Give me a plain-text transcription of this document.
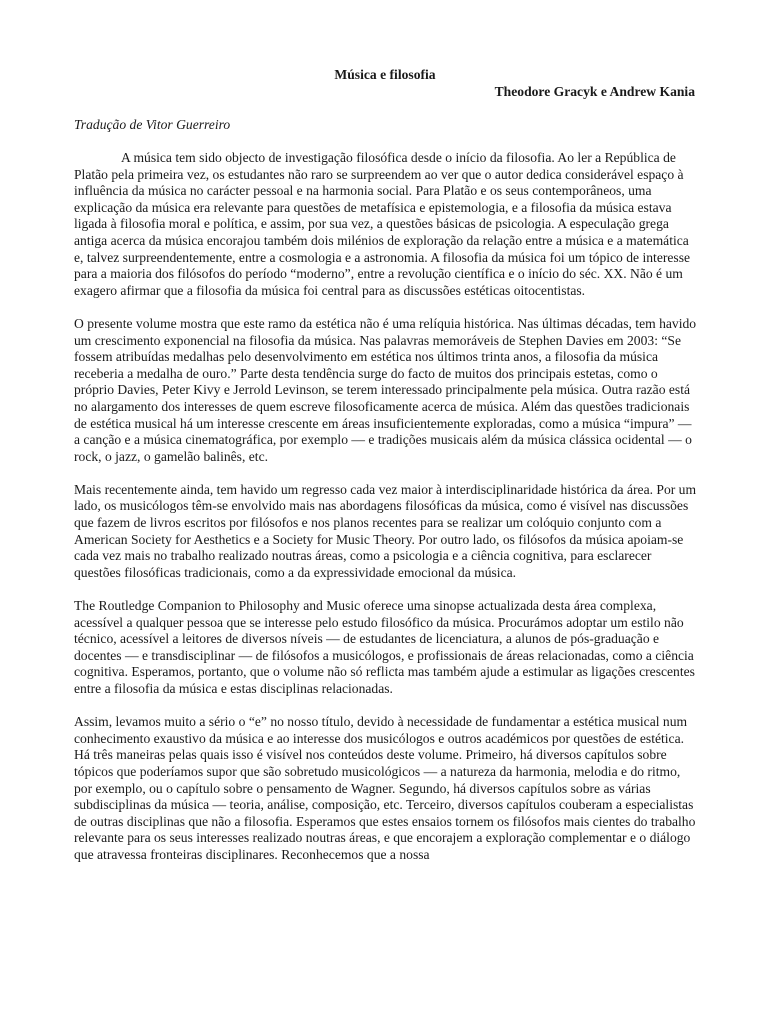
Música e filosofia
Theodore Gracyk e Andrew Kania
Tradução de Vitor Guerreiro

A música tem sido objecto de investigação filosófica desde o início da filosofia. Ao ler a República de Platão pela primeira vez, os estudantes não raro se surpreendem ao ver que o autor dedica considerável espaço à influência da música no carácter pessoal e na harmonia social. Para Platão e os seus contemporâneos, uma explicação da música era relevante para questões de metafísica e epistemologia, e a filosofia da música estava ligada à filosofia moral e política, e assim, por sua vez, a questões básicas de psicologia. A especulação grega antiga acerca da música encorajou também dois milénios de exploração da relação entre a música e a matemática e, talvez surpreendentemente, entre a cosmologia e a astronomia. A filosofia da música foi um tópico de interesse para a maioria dos filósofos do período “moderno”, entre a revolução científica e o início do séc. XX. Não é um exagero afirmar que a filosofia da música foi central para as discussões estéticas oitocentistas.

O presente volume mostra que este ramo da estética não é uma relíquia histórica. Nas últimas décadas, tem havido um crescimento exponencial na filosofia da música. Nas palavras memoráveis de Stephen Davies em 2003: “Se fossem atribuídas medalhas pelo desenvolvimento em estética nos últimos trinta anos, a filosofia da música receberia a medalha de ouro.” Parte desta tendência surge do facto de muitos dos principais estetas, como o próprio Davies, Peter Kivy e Jerrold Levinson, se terem interessado principalmente pela música. Outra razão está no alargamento dos interesses de quem escreve filosoficamente acerca de música. Além das questões tradicionais de estética musical há um interesse crescente em áreas insuficientemente exploradas, como a música “impura” — a canção e a música cinematográfica, por exemplo — e tradições musicais além da música clássica ocidental — o rock, o jazz, o gamelão balinês, etc.

Mais recentemente ainda, tem havido um regresso cada vez maior à interdisciplinaridade histórica da área. Por um lado, os musicólogos têm-se envolvido mais nas abordagens filosóficas da música, como é visível nas discussões que fazem de livros escritos por filósofos e nos planos recentes para se realizar um colóquio conjunto com a American Society for Aesthetics e a Society for Music Theory. Por outro lado, os filósofos da música apoiam-se cada vez mais no trabalho realizado noutras áreas, como a psicologia e a ciência cognitiva, para esclarecer questões filosóficas tradicionais, como a da expressividade emocional da música.

The Routledge Companion to Philosophy and Music oferece uma sinopse actualizada desta área complexa, acessível a qualquer pessoa que se interesse pelo estudo filosófico da música. Procurámos adoptar um estilo não técnico, acessível a leitores de diversos níveis — de estudantes de licenciatura, a alunos de pós-graduação e docentes — e transdisciplinar — de filósofos a musicólogos, e profissionais de áreas relacionadas, como a ciência cognitiva. Esperamos, portanto, que o volume não só reflicta mas também ajude a estimular as ligações crescentes entre a filosofia da música e estas disciplinas relacionadas.

Assim, levamos muito a sério o “e” no nosso título, devido à necessidade de fundamentar a estética musical num conhecimento exaustivo da música e ao interesse dos musicólogos e outros académicos por questões de estética. Há três maneiras pelas quais isso é visível nos conteúdos deste volume. Primeiro, há diversos capítulos sobre tópicos que poderíamos supor que são sobretudo musicológicos — a natureza da harmonia, melodia e do ritmo, por exemplo, ou o capítulo sobre o pensamento de Wagner. Segundo, há diversos capítulos sobre as várias subdisciplinas da música — teoria, análise, composição, etc. Terceiro, diversos capítulos couberam a especialistas de outras disciplinas que não a filosofia. Esperamos que estes ensaios tornem os filósofos mais cientes do trabalho relevante para os seus interesses realizado noutras áreas, e que encorajem a exploração complementar e o diálogo que atravessa fronteiras disciplinares. Reconhecemos que a nossa
